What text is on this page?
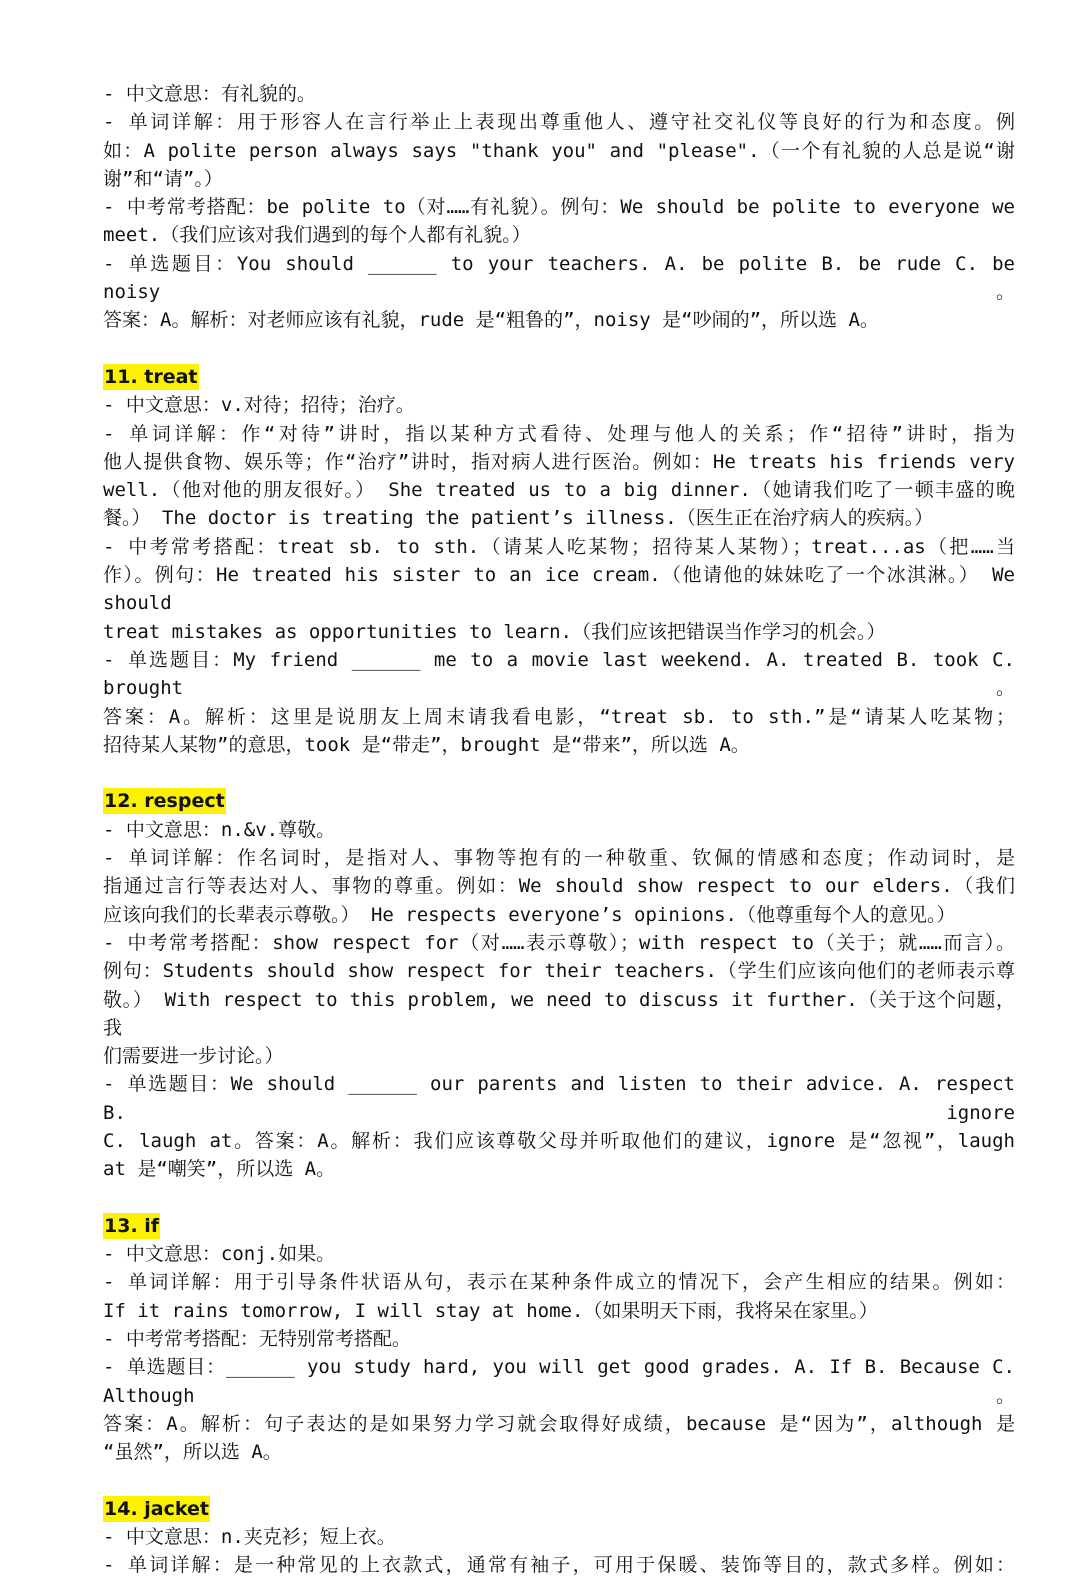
- 中文意思：有礼貌的。
- 单词详解：用于形容人在言行举止上表现出尊重他人、遵守社交礼仪等良好的行为和态度。例
如：A polite person always says "thank you" and "please".（一个有礼貌的人总是说“谢
谢”和“请”。）
- 中考常考搭配：be polite to（对……有礼貌）。例句：We should be polite to everyone we
meet.（我们应该对我们遇到的每个人都有礼貌。）
- 单选题目：You should ______ to your teachers. A. be polite B. be rude C. be noisy。
答案：A。解析：对老师应该有礼貌，rude 是“粗鲁的”，noisy 是“吵闹的”，所以选 A。
11. treat
- 中文意思：v.对待；招待；治疗。
- 单词详解：作“对待”讲时，指以某种方式看待、处理与他人的关系；作“招待”讲时，指为
他人提供食物、娱乐等；作“治疗”讲时，指对病人进行医治。例如：He treats his friends very
well.（他对他的朋友很好。） She treated us to a big dinner.（她请我们吃了一顿丰盛的晚
餐。） The doctor is treating the patient’s illness.（医生正在治疗病人的疾病。）
- 中考常考搭配：treat sb. to sth.（请某人吃某物；招待某人某物）；treat...as（把……当
作）。例句：He treated his sister to an ice cream.（他请他的妹妹吃了一个冰淇淋。） We should
treat mistakes as opportunities to learn.（我们应该把错误当作学习的机会。）
- 单选题目：My friend ______ me to a movie last weekend. A. treated B. took C. brought。
答案：A。解析：这里是说朋友上周末请我看电影，“treat sb. to sth.”是“请某人吃某物；
招待某人某物”的意思，took 是“带走”，brought 是“带来”，所以选 A。
12. respect
- 中文意思：n.&v.尊敬。
- 单词详解：作名词时，是指对人、事物等抱有的一种敬重、钦佩的情感和态度；作动词时，是
指通过言行等表达对人、事物的尊重。例如：We should show respect to our elders.（我们
应该向我们的长辈表示尊敬。） He respects everyone’s opinions.（他尊重每个人的意见。）
- 中考常考搭配：show respect for（对……表示尊敬）；with respect to（关于；就……而言）。
例句：Students should show respect for their teachers.（学生们应该向他们的老师表示尊
敬。） With respect to this problem, we need to discuss it further.（关于这个问题，我
们需要进一步讨论。）
- 单选题目：We should ______ our parents and listen to their advice. A. respect B. ignore
C. laugh at。答案：A。解析：我们应该尊敬父母并听取他们的建议，ignore 是“忽视”，laugh
at 是“嘲笑”，所以选 A。
13. if
- 中文意思：conj.如果。
- 单词详解：用于引导条件状语从句，表示在某种条件成立的情况下，会产生相应的结果。例如：
If it rains tomorrow, I will stay at home.（如果明天下雨，我将呆在家里。）
- 中考常考搭配：无特别常考搭配。
- 单选题目：______ you study hard, you will get good grades. A. If B. Because C. Although。
答案：A。解析：句子表达的是如果努力学习就会取得好成绩，because 是“因为”，although 是
“虽然”，所以选 A。
14. jacket
- 中文意思：n.夹克衫；短上衣。
- 单词详解：是一种常见的上衣款式，通常有袖子，可用于保暖、装饰等目的，款式多样。例如：
